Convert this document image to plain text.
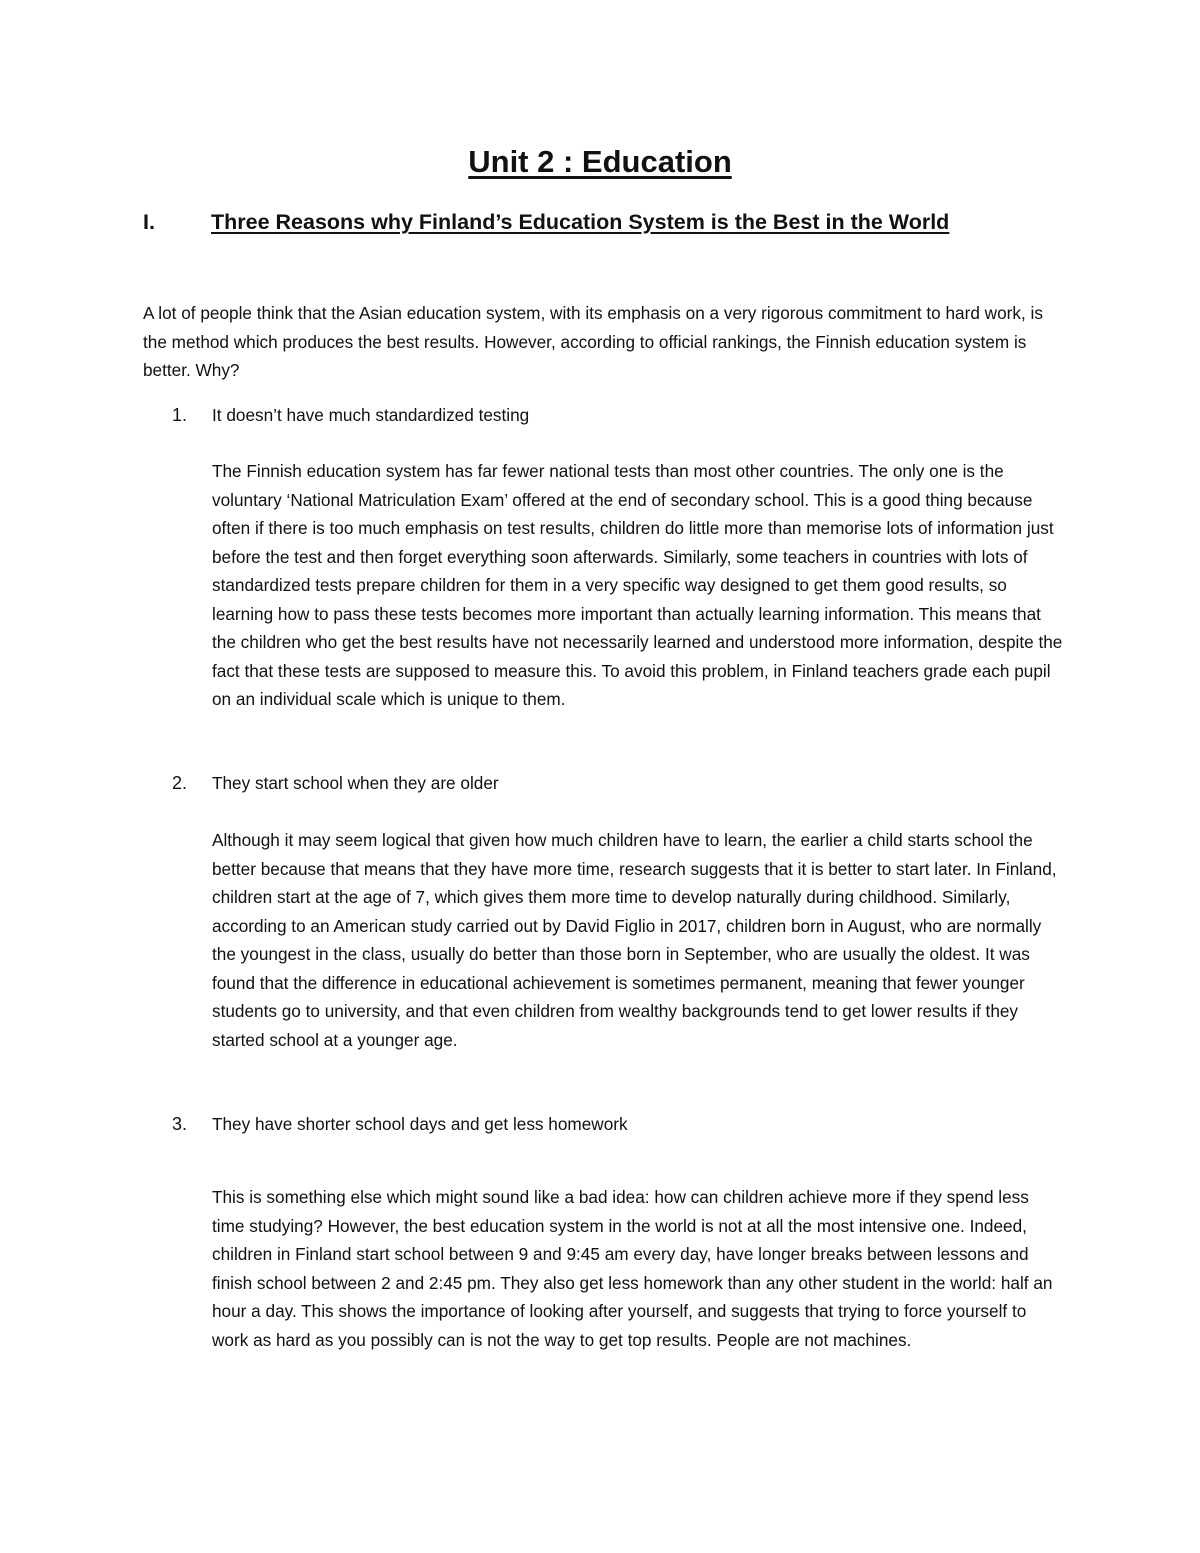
Unit 2 : Education
I.	Three Reasons why Finland’s Education System is the Best in the World

A lot of people think that the Asian education system, with its emphasis on a very rigorous commitment to hard work, is the method which produces the best results. However, according to official rankings, the Finnish education system is better. Why?

1. It doesn’t have much standardized testing

The Finnish education system has far fewer national tests than most other countries. The only one is the voluntary ‘National Matriculation Exam’ offered at the end of secondary school. This is a good thing because often if there is too much emphasis on test results, children do little more than memorise lots of information just before the test and then forget everything soon afterwards. Similarly, some teachers in countries with lots of standardized tests prepare children for them in a very specific way designed to get them good results, so learning how to pass these tests becomes more important than actually learning information. This means that the children who get the best results have not necessarily learned and understood more information, despite the fact that these tests are supposed to measure this. To avoid this problem, in Finland teachers grade each pupil on an individual scale which is unique to them.

2. They start school when they are older

Although it may seem logical that given how much children have to learn, the earlier a child starts school the better because that means that they have more time, research suggests that it is better to start later. In Finland, children start at the age of 7, which gives them more time to develop naturally during childhood. Similarly, according to an American study carried out by David Figlio in 2017, children born in August, who are normally the youngest in the class, usually do better than those born in September, who are usually the oldest. It was found that the difference in educational achievement is sometimes permanent, meaning that fewer younger students go to university, and that even children from wealthy backgrounds tend to get lower results if they started school at a younger age.

3. They have shorter school days and get less homework

This is something else which might sound like a bad idea: how can children achieve more if they spend less time studying? However, the best education system in the world is not at all the most intensive one. Indeed, children in Finland start school between 9 and 9:45 am every day, have longer breaks between lessons and finish school between 2 and 2:45 pm. They also get less homework than any other student in the world: half an hour a day. This shows the importance of looking after yourself, and suggests that trying to force yourself to work as hard as you possibly can is not the way to get top results. People are not machines.
